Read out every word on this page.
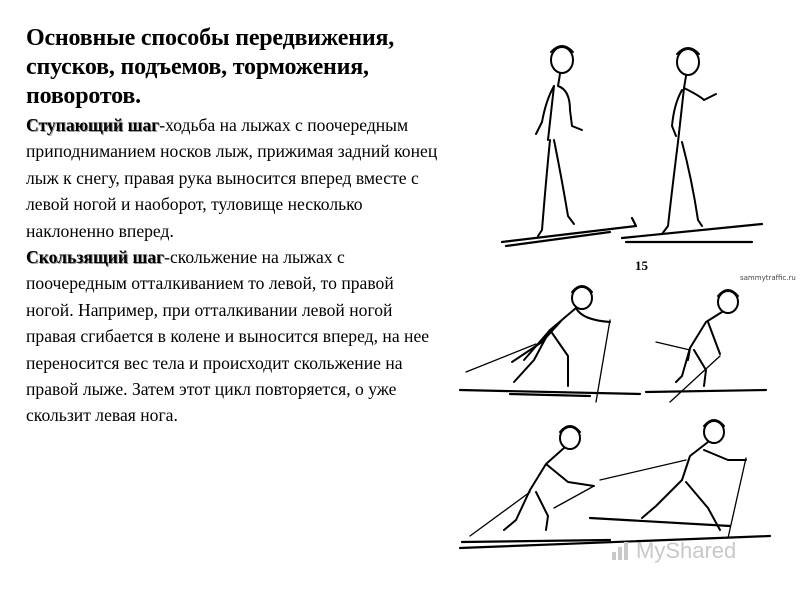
Основные способы передвижения, спусков, подъемов, торможения, поворотов.

Ступающий шаг-ходьба на лыжах с поочередным приподниманием носков лыж, прижимая задний конец лыж к снегу, правая рука выносится вперед вместе с левой ногой и наоборот, туловище несколько наклоненно вперед.

Скользящий шаг-скольжение на лыжах с поочередным отталкиванием то левой, то правой ногой. Например, при отталкивании левой ногой правая сгибается в колене и выносится вперед, на нее переносится вес тела и происходит скольжение на правой лыже. Затем этот цикл повторяется, о уже скользит левая нога.

15
sammytraffic.ru
MyShared
